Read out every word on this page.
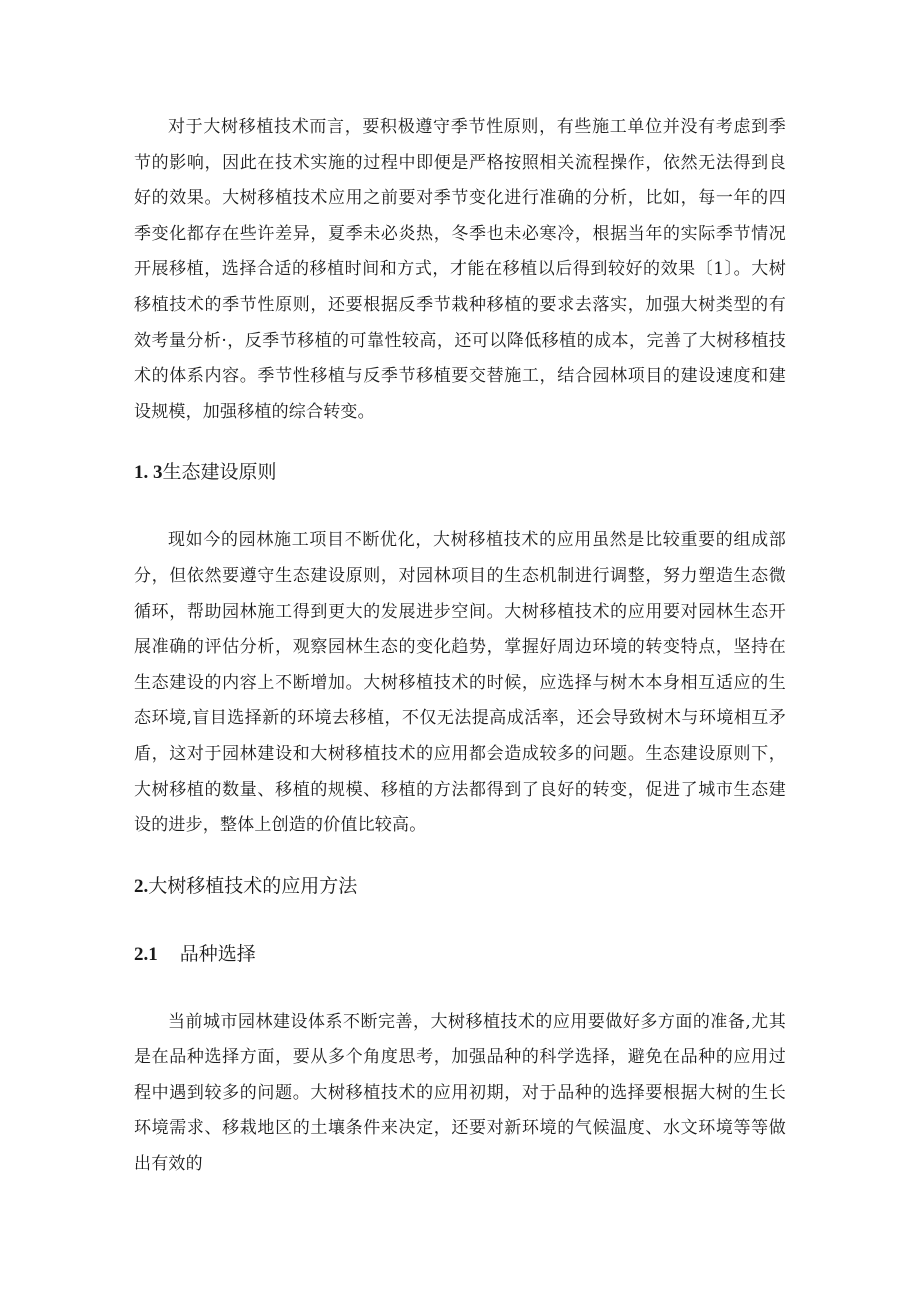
对于大树移植技术而言，要积极遵守季节性原则，有些施工单位并没有考虑到季节的影响，因此在技术实施的过程中即便是严格按照相关流程操作，依然无法得到良好的效果。大树移植技术应用之前要对季节变化进行准确的分析，比如，每一年的四季变化都存在些许差异，夏季未必炎热，冬季也未必寒冷，根据当年的实际季节情况开展移植，选择合适的移植时间和方式，才能在移植以后得到较好的效果〔1〕。大树移植技术的季节性原则，还要根据反季节栽种移植的要求去落实，加强大树类型的有效考量分析·，反季节移植的可靠性较高，还可以降低移植的成本，完善了大树移植技术的体系内容。季节性移植与反季节移植要交替施工，结合园林项目的建设速度和建设规模，加强移植的综合转变。

1. 3生态建设原则

现如今的园林施工项目不断优化，大树移植技术的应用虽然是比较重要的组成部分，但依然要遵守生态建设原则，对园林项目的生态机制进行调整，努力塑造生态微循环，帮助园林施工得到更大的发展进步空间。大树移植技术的应用要对园林生态开展准确的评估分析，观察园林生态的变化趋势，掌握好周边环境的转变特点，坚持在生态建设的内容上不断增加。大树移植技术的时候，应选择与树木本身相互适应的生态环境,盲目选择新的环境去移植，不仅无法提高成活率，还会导致树木与环境相互矛盾，这对于园林建设和大树移植技术的应用都会造成较多的问题。生态建设原则下，大树移植的数量、移植的规模、移植的方法都得到了良好的转变，促进了城市生态建设的进步，整体上创造的价值比较高。

2.大树移植技术的应用方法
2.1 品种选择

当前城市园林建设体系不断完善，大树移植技术的应用要做好多方面的准备,尤其是在品种选择方面，要从多个角度思考，加强品种的科学选择，避免在品种的应用过程中遇到较多的问题。大树移植技术的应用初期，对于品种的选择要根据大树的生长环境需求、移栽地区的土壤条件来决定，还要对新环境的气候温度、水文环境等等做出有效的
